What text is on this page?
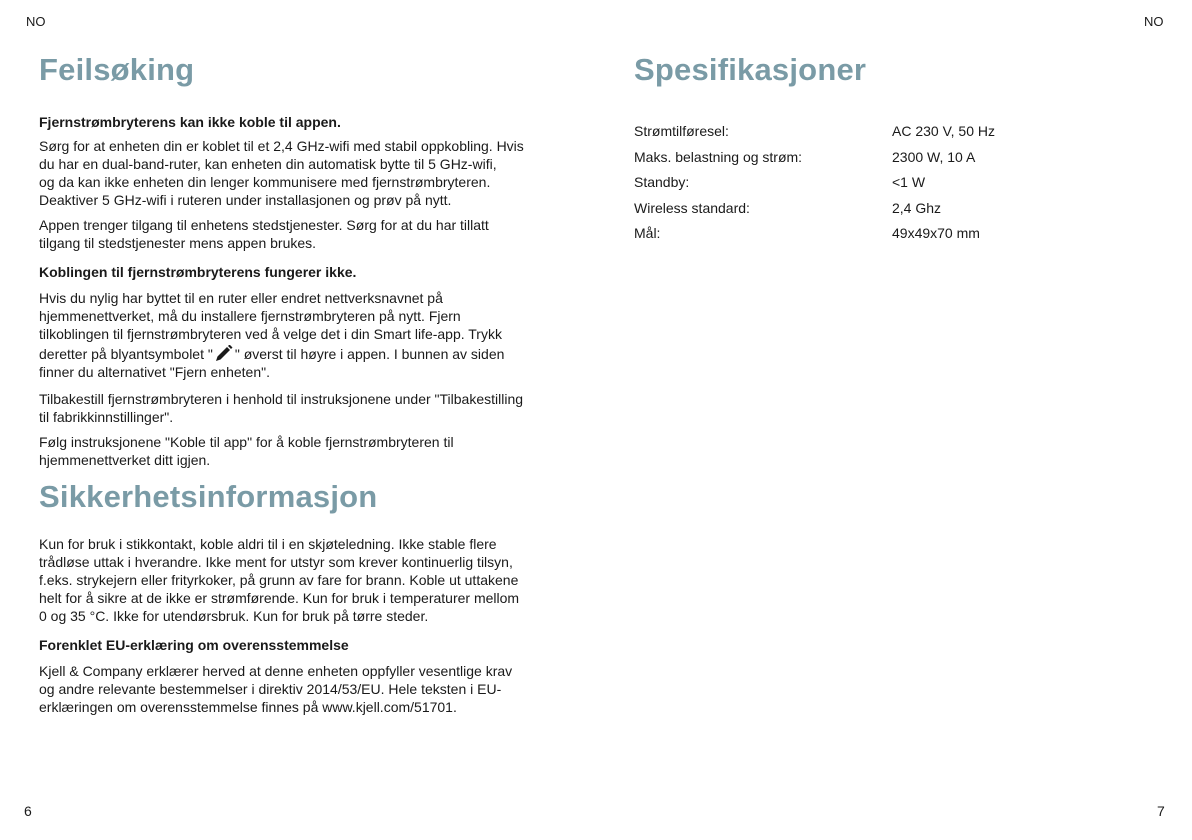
NO	NO
Feilsøking

Fjernstrømbryterens kan ikke koble til appen.

Sørg for at enheten din er koblet til et 2,4 GHz-wifi med stabil oppkobling. Hvis
du har en dual-band-ruter, kan enheten din automatisk bytte til 5 GHz-wifi,
og da kan ikke enheten din lenger kommunisere med fjernstrømbryteren.
Deaktiver 5 GHz-wifi i ruteren under installasjonen og prøv på nytt.
Appen trenger tilgang til enhetens stedstjenester. Sørg for at du har tillatt
tilgang til stedstjenester mens appen brukes.

Koblingen til fjernstrømbryterens fungerer ikke.

Hvis du nylig har byttet til en ruter eller endret nettverksnavnet på
hjemmenettverket, må du installere fjernstrømbryteren på nytt. Fjern
tilkoblingen til fjernstrømbryteren ved å velge det i din Smart life-app. Trykk
deretter på blyantsymbolet " " øverst til høyre i appen. I bunnen av siden
finner du alternativet "Fjern enheten".
Tilbakestill fjernstrømbryteren i henhold til instruksjonene under "Tilbakestilling
til fabrikkinnstillinger".
Følg instruksjonene "Koble til app" for å koble fjernstrømbryteren til
hjemmenettverket ditt igjen.
Sikkerhetsinformasjon
Kun for bruk i stikkontakt, koble aldri til i en skjøteledning. Ikke stable flere
trådløse uttak i hverandre. Ikke ment for utstyr som krever kontinuerlig tilsyn,
f.eks. strykejern eller frityrkoker, på grunn av fare for brann. Koble ut uttakene
helt for å sikre at de ikke er strømførende. Kun for bruk i temperaturer mellom
0 og 35 °C. Ikke for utendørsbruk. Kun for bruk på tørre steder.

Forenklet EU-erklæring om overensstemmelse

Kjell & Company erklærer herved at denne enheten oppfyller vesentlige krav
og andre relevante bestemmelser i direktiv 2014/53/EU. Hele teksten i EU-
erklæringen om overensstemmelse finnes på www.kjell.com/51701.
Spesifikasjoner
Strømtilføresel:	AC 230 V, 50 Hz
Maks. belastning og strøm:	2300 W, 10 A
Standby:	<1 W
Wireless standard:	2,4 Ghz
Mål:	49x49x70 mm
6	7
